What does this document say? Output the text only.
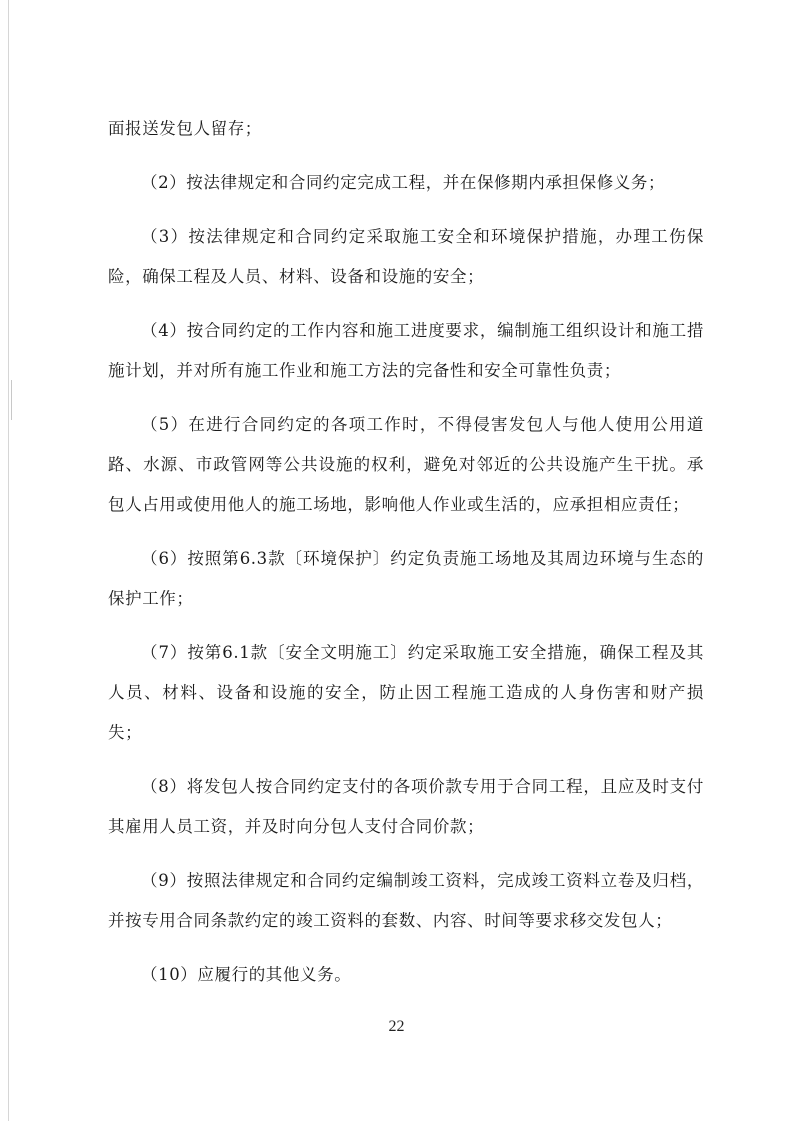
面报送发包人留存；

（2）按法律规定和合同约定完成工程，并在保修期内承担保修义务；

（3）按法律规定和合同约定采取施工安全和环境保护措施，办理工伤保险，确保工程及人员、材料、设备和设施的安全；

（4）按合同约定的工作内容和施工进度要求，编制施工组织设计和施工措施计划，并对所有施工作业和施工方法的完备性和安全可靠性负责；

（5）在进行合同约定的各项工作时，不得侵害发包人与他人使用公用道路、水源、市政管网等公共设施的权利，避免对邻近的公共设施产生干扰。承包人占用或使用他人的施工场地，影响他人作业或生活的，应承担相应责任；

（6）按照第6.3款〔环境保护〕约定负责施工场地及其周边环境与生态的保护工作；

（7）按第6.1款〔安全文明施工〕约定采取施工安全措施，确保工程及其人员、材料、设备和设施的安全，防止因工程施工造成的人身伤害和财产损失；

（8）将发包人按合同约定支付的各项价款专用于合同工程，且应及时支付其雇用人员工资，并及时向分包人支付合同价款；

（9）按照法律规定和合同约定编制竣工资料，完成竣工资料立卷及归档，并按专用合同条款约定的竣工资料的套数、内容、时间等要求移交发包人；

（10）应履行的其他义务。

22
